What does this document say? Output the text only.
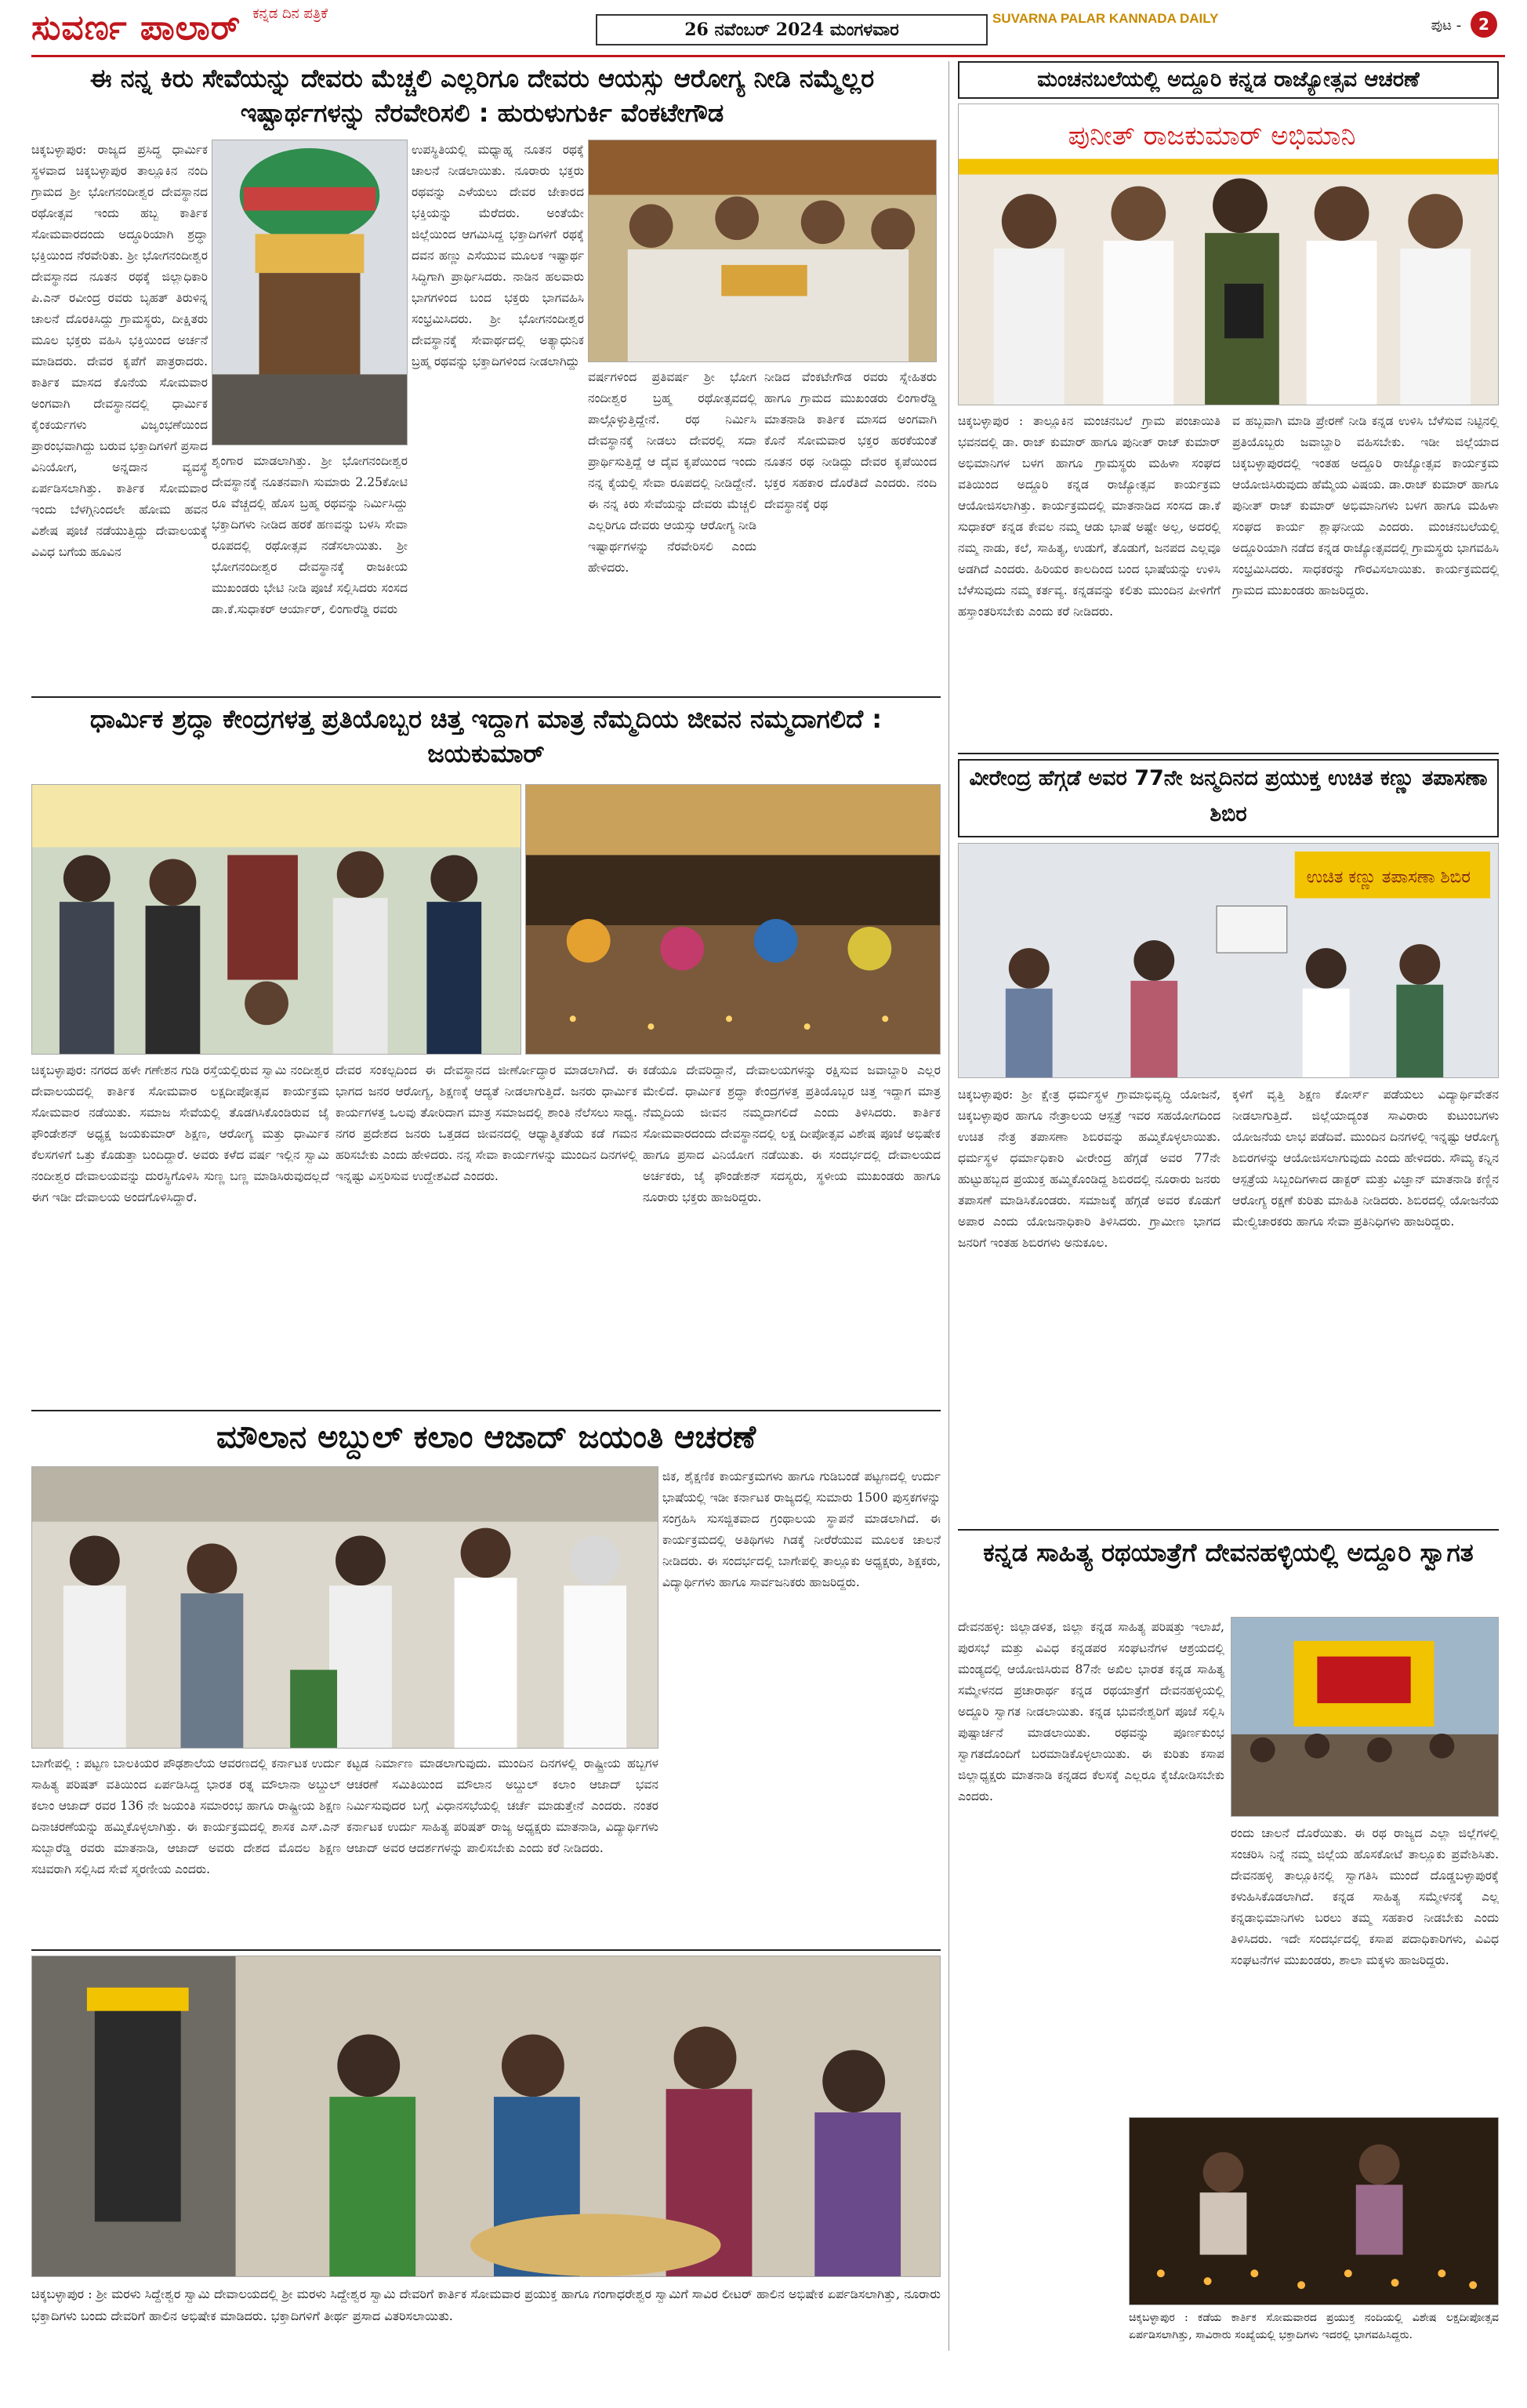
ಸುವರ್ಣ ಪಾಲಾರ್ ಕನ್ನಡ ದಿನ ಪತ್ರಿಕೆ
26 ನವೆಂಬರ್ 2024 ಮಂಗಳವಾರ
SUVARNA PALAR KANNADA DAILY	ಪುಟ - 2
ಈ ನನ್ನ ಕಿರು ಸೇವೆಯನ್ನು ದೇವರು ಮೆಚ್ಚಲಿ ಎಲ್ಲರಿಗೂ ದೇವರು ಆಯಸ್ಸು ಆರೋಗ್ಯ ನೀಡಿ ನಮ್ಮೆಲ್ಲರ ಇಷ್ಟಾರ್ಥಗಳನ್ನು ನೆರವೇರಿಸಲಿ : ಹುರುಳುಗುರ್ಕಿ ವೆಂಕಟೇಗೌಡ
ಚಿಕ್ಕಬಳ್ಳಾಪುರ: ರಾಜ್ಯದ ಪ್ರಸಿದ್ಧ ಧಾರ್ಮಿಕ ಸ್ಥಳವಾದ ಚಿಕ್ಕಬಳ್ಳಾಪುರ ತಾಲ್ಲೂಕಿನ ನಂದಿ ಗ್ರಾಮದ ಶ್ರೀ ಭೋಗನಂದೀಶ್ವರ ದೇವಸ್ಥಾನದ ರಥೋತ್ಸವ ಇಂದು ಹಬ್ಬ ಕಾರ್ತಿಕ ಸೋಮವಾರದಂದು ಅದ್ಧೂರಿಯಾಗಿ ಶ್ರದ್ಧಾ ಭಕ್ತಿಯಿಂದ ನೆರವೇರಿತು. ಶ್ರೀ ಭೋಗನಂದೀಶ್ವರ ದೇವಸ್ಥಾನದ ನೂತನ ರಥಕ್ಕೆ ಜಿಲ್ಲಾಧಿಕಾರಿ ಪಿ.ಎನ್ ರವೀಂದ್ರ ರವರು ಬೃಹತ್ ತಿರುಳಿನ್ನ ಚಾಲನೆ ದೊರಕಿಸಿದ್ದು ಗ್ರಾಮಸ್ಥರು, ದೀಕ್ಷಿತರು ಮೂಲ ಭಕ್ತರು ವಹಿಸಿ ಭಕ್ತಿಯಿಂದ ಅರ್ಚನೆ ಮಾಡಿದರು. ದೇವರ ಕೃಪೆಗೆ ಪಾತ್ರರಾದರು. ಕಾರ್ತಿಕ ಮಾಸದ ಕೊನೆಯ ಸೋಮವಾರ ಅಂಗವಾಗಿ ದೇವಸ್ಥಾನದಲ್ಲಿ ಧಾರ್ಮಿಕ ಕೈಂಕರ್ಯಗಳು ವಿಜೃಂಭಣೆಯಿಂದ ಪ್ರಾರಂಭವಾಗಿದ್ದು ಬರುವ ಭಕ್ತಾದಿಗಳಿಗೆ ಪ್ರಸಾದ ವಿನಿಯೋಗ, ಅನ್ನದಾನ ವ್ಯವಸ್ಥೆ ಏರ್ಪಡಿಸಲಾಗಿತ್ತು. ಕಾರ್ತಿಕ ಸೋಮವಾರ ಇಂದು ಬೆಳಗ್ಗಿನಿಂದಲೇ ಹೋಮ ಹವನ ವಿಶೇಷ ಪೂಜೆ ನಡೆಯುತ್ತಿದ್ದು ದೇವಾಲಯಕ್ಕೆ ವಿವಿಧ ಬಗೆಯ ಹೂವಿನ
ಶೃಂಗಾರ ಮಾಡಲಾಗಿತ್ತು. ಶ್ರೀ ಭೋಗನಂದೀಶ್ವರ ದೇವಸ್ಥಾನಕ್ಕೆ ನೂತನವಾಗಿ ಸುಮಾರು 2.25ಕೋಟಿ ರೂ ವೆಚ್ಚದಲ್ಲಿ ಹೊಸ ಬ್ರಹ್ಮ ರಥವನ್ನು ನಿರ್ಮಿಸಿದ್ದು ಭಕ್ತಾದಿಗಳು ನೀಡಿದ ಹರಕೆ ಹಣವನ್ನು ಬಳಸಿ ಸೇವಾ ರೂಪದಲ್ಲಿ ರಥೋತ್ಸವ ನಡೆಸಲಾಯಿತು. ಶ್ರೀ ಭೋಗನಂದೀಶ್ವರ ದೇವಸ್ಥಾನಕ್ಕೆ ರಾಜಕೀಯ ಮುಖಂಡರು ಭೇಟಿ ನೀಡಿ ಪೂಜೆ ಸಲ್ಲಿಸಿದರು ಸಂಸದ ಡಾ.ಕೆ.ಸುಧಾಕರ್ ಆರ್ಯಾರ್, ಲಿಂಗಾರೆಡ್ಡಿ ರವರು
ಉಪಸ್ಥಿತಿಯಲ್ಲಿ ಮಧ್ಯಾಹ್ನ ನೂತನ ರಥಕ್ಕೆ ಚಾಲನೆ ನೀಡಲಾಯಿತು. ನೂರಾರು ಭಕ್ತರು ರಥವನ್ನು ಎಳೆಯಲು ದೇವರ ಜೇಕಾರದ ಭಕ್ತಿಯನ್ನು ಮೆರೆದರು. ಅಂತೆಯೇ ಜಿಲ್ಲೆಯಿಂದ ಆಗಮಿಸಿದ್ದ ಭಕ್ತಾದಿಗಳಿಗೆ ರಥಕ್ಕೆ ದವನ ಹಣ್ಣು ಎಸೆಯುವ ಮೂಲಕ ಇಷ್ಟಾರ್ಥ ಸಿದ್ಧಿಗಾಗಿ ಪ್ರಾರ್ಥಿಸಿದರು. ನಾಡಿನ ಹಲವಾರು ಭಾಗಗಳಿಂದ ಬಂದ ಭಕ್ತರು ಭಾಗವಹಿಸಿ ಸಂಭ್ರಮಿಸಿದರು. ಶ್ರೀ ಭೋಗನಂದೀಶ್ವರ ದೇವಸ್ಥಾನಕ್ಕೆ ಸೇವಾರ್ಥದಲ್ಲಿ ಅತ್ಯಾಧುನಿಕ ಬ್ರಹ್ಮ ರಥವನ್ನು ಭಕ್ತಾದಿಗಳಿಂದ ನೀಡಲಾಗಿದ್ದು
ವರ್ಷಗಳಿಂದ ಪ್ರತಿವರ್ಷ ಶ್ರೀ ಭೋಗ ನಂದೀಶ್ವರ ಬ್ರಹ್ಮ ರಥೋತ್ಸವದಲ್ಲಿ ಪಾಲ್ಗೊಳ್ಳುತ್ತಿದ್ದೇನೆ. ರಥ ನಿರ್ಮಿಸಿ ದೇವಸ್ಥಾನಕ್ಕೆ ನೀಡಲು ದೇವರಲ್ಲಿ ಸದಾ ಪ್ರಾರ್ಥಿಸುತ್ತಿದ್ದೆ ಆ ದೈವ ಕೃಪೆಯಿಂದ ಇಂದು ನನ್ನ ಕೈಯಲ್ಲಿ ಸೇವಾ ರೂಪದಲ್ಲಿ ನೀಡಿದ್ದೇನೆ. ಈ ನನ್ನ ಕಿರು ಸೇವೆಯನ್ನು ದೇವರು ಮೆಚ್ಚಲಿ ಎಲ್ಲರಿಗೂ ದೇವರು ಆಯಸ್ಸು ಆರೋಗ್ಯ ನೀಡಿ ಇಷ್ಟಾರ್ಥಗಳನ್ನು ನೆರವೇರಿಸಲಿ ಎಂದು ಹೇಳಿದರು.
ನೀಡಿದ ವೆಂಕಟೇಗೌಡ ರವರು ಸ್ನೇಹಿತರು ಹಾಗೂ ಗ್ರಾಮದ ಮುಖಂಡರು ಲಿಂಗಾರೆಡ್ಡಿ ಮಾತನಾಡಿ ಕಾರ್ತಿಕ ಮಾಸದ ಅಂಗವಾಗಿ ಕೊನೆ ಸೋಮವಾರ ಭಕ್ತರ ಹರಕೆಯಂತೆ ನೂತನ ರಥ ನೀಡಿದ್ದು ದೇವರ ಕೃಪೆಯಿಂದ ಭಕ್ತರ ಸಹಕಾರ ದೊರೆತಿದೆ ಎಂದರು. ನಂದಿ ದೇವಸ್ಥಾನಕ್ಕೆ ರಥ
ಮಂಚನಬಲೆಯಲ್ಲಿ ಅದ್ದೂರಿ ಕನ್ನಡ ರಾಜ್ಯೋತ್ಸವ ಆಚರಣೆ
ಪುನೀತ್ ರಾಜಕುಮಾರ್ ಅಭಿಮಾನಿ
ಚಿಕ್ಕಬಳ್ಳಾಪುರ : ತಾಲ್ಲೂಕಿನ ಮಂಚನಬಲೆ ಗ್ರಾಮ ಪಂಚಾಯಿತಿ ಭವನದಲ್ಲಿ ಡಾ. ರಾಜ್ ಕುಮಾರ್ ಹಾಗೂ ಪುನೀತ್ ರಾಜ್ ಕುಮಾರ್ ಅಭಿಮಾನಿಗಳ ಬಳಗ ಹಾಗೂ ಗ್ರಾಮಸ್ಥರು ಮಹಿಳಾ ಸಂಘದ ವತಿಯಿಂದ ಅದ್ದೂರಿ ಕನ್ನಡ ರಾಜ್ಯೋತ್ಸವ ಕಾರ್ಯಕ್ರಮ ಆಯೋಜಿಸಲಾಗಿತ್ತು. ಕಾರ್ಯಕ್ರಮದಲ್ಲಿ ಮಾತನಾಡಿದ ಸಂಸದ ಡಾ.ಕೆ ಸುಧಾಕರ್ ಕನ್ನಡ ಕೇವಲ ನಮ್ಮ ಆಡು ಭಾಷೆ ಅಷ್ಟೇ ಅಲ್ಲ, ಅದರಲ್ಲಿ ನಮ್ಮ ನಾಡು, ಕಲೆ, ಸಾಹಿತ್ಯ, ಉಡುಗೆ, ತೊಡುಗೆ, ಜನಪದ ಎಲ್ಲವೂ ಅಡಗಿದೆ ಎಂದರು. ಹಿರಿಯರ ಕಾಲದಿಂದ ಬಂದ ಭಾಷೆಯನ್ನು ಉಳಿಸಿ ಬೆಳೆಸುವುದು ನಮ್ಮ ಕರ್ತವ್ಯ. ಕನ್ನಡವನ್ನು ಕಲಿತು ಮುಂದಿನ ಪೀಳಿಗೆಗೆ ಹಸ್ತಾಂತರಿಸಬೇಕು ಎಂದು ಕರೆ ನೀಡಿದರು.
ವ ಹಬ್ಬವಾಗಿ ಮಾಡಿ ಪ್ರೇರಣೆ ನೀಡಿ ಕನ್ನಡ ಉಳಿಸಿ ಬೆಳೆಸುವ ನಿಟ್ಟಿನಲ್ಲಿ ಪ್ರತಿಯೊಬ್ಬರು ಜವಾಬ್ದಾರಿ ವಹಿಸಬೇಕು. ಇಡೀ ಜಿಲ್ಲೆಯಾದ ಚಿಕ್ಕಬಳ್ಳಾಪುರದಲ್ಲಿ ಇಂತಹ ಅದ್ದೂರಿ ರಾಜ್ಯೋತ್ಸವ ಕಾರ್ಯಕ್ರಮ ಆಯೋಜಿಸಿರುವುದು ಹೆಮ್ಮೆಯ ವಿಷಯ. ಡಾ.ರಾಜ್ ಕುಮಾರ್ ಹಾಗೂ ಪುನೀತ್ ರಾಜ್ ಕುಮಾರ್ ಅಭಿಮಾನಿಗಳು ಬಳಗ ಹಾಗೂ ಮಹಿಳಾ ಸಂಘದ ಕಾರ್ಯ ಶ್ಲಾಘನೀಯ ಎಂದರು. ಮಂಚನಬಲೆಯಲ್ಲಿ ಅದ್ದೂರಿಯಾಗಿ ನಡೆದ ಕನ್ನಡ ರಾಜ್ಯೋತ್ಸವದಲ್ಲಿ ಗ್ರಾಮಸ್ಥರು ಭಾಗವಹಿಸಿ ಸಂಭ್ರಮಿಸಿದರು. ಸಾಧಕರನ್ನು ಗೌರವಿಸಲಾಯಿತು. ಕಾರ್ಯಕ್ರಮದಲ್ಲಿ ಗ್ರಾಮದ ಮುಖಂಡರು ಹಾಜರಿದ್ದರು.
ಧಾರ್ಮಿಕ ಶ್ರದ್ಧಾ ಕೇಂದ್ರಗಳತ್ತ ಪ್ರತಿಯೊಬ್ಬರ ಚಿತ್ತ ಇದ್ದಾಗ ಮಾತ್ರ ನೆಮ್ಮದಿಯ ಜೀವನ ನಮ್ಮದಾಗಲಿದೆ : ಜಯಕುಮಾರ್
ಚಿಕ್ಕಬಳ್ಳಾಪುರ: ನಗರದ ಹಳೇ ಗಣೇಶನ ಗುಡಿ ರಸ್ತೆಯಲ್ಲಿರುವ ಸ್ವಾಮಿ ನಂದೀಶ್ವರ ದೇವಾಲಯದಲ್ಲಿ ಕಾರ್ತಿಕ ಸೋಮವಾರ ಲಕ್ಷದೀಪೋತ್ಸವ ಕಾರ್ಯಕ್ರಮ ಸೋಮವಾರ ನಡೆಯಿತು. ಸಮಾಜ ಸೇವೆಯಲ್ಲಿ ತೊಡಗಿಸಿಕೊಂಡಿರುವ ಜೈ ಫೌಂಡೇಶನ್ ಅಧ್ಯಕ್ಷ ಜಯಕುಮಾರ್ ಶಿಕ್ಷಣ, ಆರೋಗ್ಯ ಮತ್ತು ಧಾರ್ಮಿಕ ಕೆಲಸಗಳಿಗೆ ಒತ್ತು ಕೊಡುತ್ತಾ ಬಂದಿದ್ದಾರೆ. ಅವರು ಕಳೆದ ವರ್ಷ ಇಲ್ಲಿನ ಸ್ವಾಮಿ ನಂದೀಶ್ವರ ದೇವಾಲಯವನ್ನು ದುರಸ್ಥಿಗೊಳಿಸಿ ಸುಣ್ಣ ಬಣ್ಣ ಮಾಡಿಸಿರುವುದಲ್ಲದೆ ಈಗ ಇಡೀ ದೇವಾಲಯ ಅಂದಗೊಳಿಸಿದ್ದಾರೆ.
ದೇವರ ಸಂಕಲ್ಪದಿಂದ ಈ ದೇವಸ್ಥಾನದ ಜೀರ್ಣೋದ್ಧಾರ ಮಾಡಲಾಗಿದೆ. ಈ ಭಾಗದ ಜನರ ಆರೋಗ್ಯ, ಶಿಕ್ಷಣಕ್ಕೆ ಆದ್ಯತೆ ನೀಡಲಾಗುತ್ತಿದೆ. ಜನರು ಧಾರ್ಮಿಕ ಕಾರ್ಯಗಳತ್ತ ಒಲವು ತೋರಿದಾಗ ಮಾತ್ರ ಸಮಾಜದಲ್ಲಿ ಶಾಂತಿ ನೆಲೆಸಲು ಸಾಧ್ಯ. ನಗರ ಪ್ರದೇಶದ ಜನರು ಒತ್ತಡದ ಜೀವನದಲ್ಲಿ ಆಧ್ಯಾತ್ಮಿಕತೆಯ ಕಡೆ ಗಮನ ಹರಿಸಬೇಕು ಎಂದು ಹೇಳಿದರು. ನನ್ನ ಸೇವಾ ಕಾರ್ಯಗಳನ್ನು ಮುಂದಿನ ದಿನಗಳಲ್ಲಿ ಇನ್ನಷ್ಟು ವಿಸ್ತರಿಸುವ ಉದ್ದೇಶವಿದೆ ಎಂದರು.
ಕಡೆಯೂ ದೇವರಿದ್ದಾನೆ, ದೇವಾಲಯಗಳನ್ನು ರಕ್ಷಿಸುವ ಜವಾಬ್ದಾರಿ ಎಲ್ಲರ ಮೇಲಿದೆ. ಧಾರ್ಮಿಕ ಶ್ರದ್ಧಾ ಕೇಂದ್ರಗಳತ್ತ ಪ್ರತಿಯೊಬ್ಬರ ಚಿತ್ತ ಇದ್ದಾಗ ಮಾತ್ರ ನೆಮ್ಮದಿಯ ಜೀವನ ನಮ್ಮದಾಗಲಿದೆ ಎಂದು ತಿಳಿಸಿದರು. ಕಾರ್ತಿಕ ಸೋಮವಾರದಂದು ದೇವಸ್ಥಾನದಲ್ಲಿ ಲಕ್ಷ ದೀಪೋತ್ಸವ ವಿಶೇಷ ಪೂಜೆ ಅಭಿಷೇಕ ಹಾಗೂ ಪ್ರಸಾದ ವಿನಿಯೋಗ ನಡೆಯಿತು. ಈ ಸಂದರ್ಭದಲ್ಲಿ ದೇವಾಲಯದ ಅರ್ಚಕರು, ಜೈ ಫೌಂಡೇಶನ್ ಸದಸ್ಯರು, ಸ್ಥಳೀಯ ಮುಖಂಡರು ಹಾಗೂ ನೂರಾರು ಭಕ್ತರು ಹಾಜರಿದ್ದರು.
ವೀರೇಂದ್ರ ಹೆಗ್ಗಡೆ ಅವರ 77ನೇ ಜನ್ಮದಿನದ ಪ್ರಯುಕ್ತ ಉಚಿತ ಕಣ್ಣು ತಪಾಸಣಾ ಶಿಬಿರ
ಉಚಿತ ಕಣ್ಣು ತಪಾಸಣಾ ಶಿಬಿರ
ಚಿಕ್ಕಬಳ್ಳಾಪುರ: ಶ್ರೀ ಕ್ಷೇತ್ರ ಧರ್ಮಸ್ಥಳ ಗ್ರಾಮಾಭಿವೃದ್ಧಿ ಯೋಜನೆ, ಚಿಕ್ಕಬಳ್ಳಾಪುರ ಹಾಗೂ ನೇತ್ರಾಲಯ ಆಸ್ಪತ್ರೆ ಇವರ ಸಹಯೋಗದಿಂದ ಉಚಿತ ನೇತ್ರ ತಪಾಸಣಾ ಶಿಬಿರವನ್ನು ಹಮ್ಮಿಕೊಳ್ಳಲಾಯಿತು. ಧರ್ಮಸ್ಥಳ ಧರ್ಮಾಧಿಕಾರಿ ವೀರೇಂದ್ರ ಹೆಗ್ಗಡೆ ಅವರ 77ನೇ ಹುಟ್ಟುಹಬ್ಬದ ಪ್ರಯುಕ್ತ ಹಮ್ಮಿಕೊಂಡಿದ್ದ ಶಿಬಿರದಲ್ಲಿ ನೂರಾರು ಜನರು ತಪಾಸಣೆ ಮಾಡಿಸಿಕೊಂಡರು. ಸಮಾಜಕ್ಕೆ ಹೆಗ್ಗಡೆ ಅವರ ಕೊಡುಗೆ ಅಪಾರ ಎಂದು ಯೋಜನಾಧಿಕಾರಿ ತಿಳಿಸಿದರು. ಗ್ರಾಮೀಣ ಭಾಗದ ಜನರಿಗೆ ಇಂತಹ ಶಿಬಿರಗಳು ಅನುಕೂಲ.
ಕ್ಕಳಿಗೆ ವೃತ್ತಿ ಶಿಕ್ಷಣ ಕೋರ್ಸ್ ಪಡೆಯಲು ವಿದ್ಯಾರ್ಥಿವೇತನ ನೀಡಲಾಗುತ್ತಿದೆ. ಜಿಲ್ಲೆಯಾದ್ಯಂತ ಸಾವಿರಾರು ಕುಟುಂಬಗಳು ಯೋಜನೆಯ ಲಾಭ ಪಡೆದಿವೆ. ಮುಂದಿನ ದಿನಗಳಲ್ಲಿ ಇನ್ನಷ್ಟು ಆರೋಗ್ಯ ಶಿಬಿರಗಳನ್ನು ಆಯೋಜಿಸಲಾಗುವುದು ಎಂದು ಹೇಳಿದರು. ಸೌಮ್ಯ ಕನ್ನಿನ ಆಸ್ಪತ್ರೆಯ ಸಿಬ್ಬಂದಿಗಳಾದ ಡಾಕ್ಟರ್ ಮತ್ತು ವಿಜ್ಞಾನ್ ಮಾತನಾಡಿ ಕಣ್ಣಿನ ಆರೋಗ್ಯ ರಕ್ಷಣೆ ಕುರಿತು ಮಾಹಿತಿ ನೀಡಿದರು. ಶಿಬಿರದಲ್ಲಿ ಯೋಜನೆಯ ಮೇಲ್ವಿಚಾರಕರು ಹಾಗೂ ಸೇವಾ ಪ್ರತಿನಿಧಿಗಳು ಹಾಜರಿದ್ದರು.
ಮೌಲಾನ ಅಬ್ದುಲ್ ಕಲಾಂ ಆಜಾದ್ ಜಯಂತಿ ಆಚರಣೆ
ಜಿಕ, ಶೈಕ್ಷಣಿಕ ಕಾರ್ಯಕ್ರಮಗಳು ಹಾಗೂ ಗುಡಿಬಂಡೆ ಪಟ್ಟಣದಲ್ಲಿ ಉರ್ದು ಭಾಷೆಯಲ್ಲಿ ಇಡೀ ಕರ್ನಾಟಕ ರಾಜ್ಯದಲ್ಲಿ ಸುಮಾರು 1500 ಪುಸ್ತಕಗಳನ್ನು ಸಂಗ್ರಹಿಸಿ ಸುಸಜ್ಜಿತವಾದ ಗ್ರಂಥಾಲಯ ಸ್ಥಾಪನೆ ಮಾಡಲಾಗಿದೆ. ಈ ಕಾರ್ಯಕ್ರಮದಲ್ಲಿ ಅತಿಥಿಗಳು ಗಿಡಕ್ಕೆ ನೀರೆರೆಯುವ ಮೂಲಕ ಚಾಲನೆ ನೀಡಿದರು. ಈ ಸಂದರ್ಭದಲ್ಲಿ ಬಾಗೇಪಲ್ಲಿ ತಾಲ್ಲೂಕು ಅಧ್ಯಕ್ಷರು, ಶಿಕ್ಷಕರು, ವಿದ್ಯಾರ್ಥಿಗಳು ಹಾಗೂ ಸಾರ್ವಜನಿಕರು ಹಾಜರಿದ್ದರು.
ಬಾಗೇಪಲ್ಲಿ : ಪಟ್ಟಣ ಬಾಲಕಿಯರ ಪೌಢಶಾಲೆಯ ಆವರಣದಲ್ಲಿ ಕರ್ನಾಟಕ ಉರ್ದು ಸಾಹಿತ್ಯ ಪರಿಷತ್ ವತಿಯಿಂದ ಏರ್ಪಡಿಸಿದ್ದ ಭಾರತ ರತ್ನ ಮೌಲಾನಾ ಅಬ್ದುಲ್ ಕಲಾಂ ಆಜಾದ್ ರವರ 136 ನೇ ಜಯಂತಿ ಸಮಾರಂಭ ಹಾಗೂ ರಾಷ್ಟ್ರೀಯ ಶಿಕ್ಷಣ ದಿನಾಚರಣೆಯನ್ನು ಹಮ್ಮಿಕೊಳ್ಳಲಾಗಿತ್ತು. ಈ ಕಾರ್ಯಕ್ರಮದಲ್ಲಿ ಶಾಸಕ ಎಸ್.ಎನ್ ಸುಬ್ಬಾರೆಡ್ಡಿ ರವರು ಮಾತನಾಡಿ, ಆಜಾದ್ ಅವರು ದೇಶದ ಮೊದಲ ಶಿಕ್ಷಣ ಸಚಿವರಾಗಿ ಸಲ್ಲಿಸಿದ ಸೇವೆ ಸ್ಮರಣೀಯ ಎಂದರು.
ಕಟ್ಟಡ ನಿರ್ಮಾಣ ಮಾಡಲಾಗುವುದು. ಮುಂದಿನ ದಿನಗಳಲ್ಲಿ ರಾಷ್ಟ್ರೀಯ ಹಬ್ಬಗಳ ಆಚರಣೆ ಸಮಿತಿಯಿಂದ ಮೌಲಾನ ಅಬ್ದುಲ್ ಕಲಾಂ ಆಜಾದ್ ಭವನ ನಿರ್ಮಿಸುವುದರ ಬಗ್ಗೆ ವಿಧಾನಸಭೆಯಲ್ಲಿ ಚರ್ಚೆ ಮಾಡುತ್ತೇನೆ ಎಂದರು. ನಂತರ ಕರ್ನಾಟಕ ಉರ್ದು ಸಾಹಿತ್ಯ ಪರಿಷತ್ ರಾಜ್ಯ ಅಧ್ಯಕ್ಷರು ಮಾತನಾಡಿ, ವಿದ್ಯಾರ್ಥಿಗಳು ಆಜಾದ್ ಅವರ ಆದರ್ಶಗಳನ್ನು ಪಾಲಿಸಬೇಕು ಎಂದು ಕರೆ ನೀಡಿದರು.
ಕನ್ನಡ ಸಾಹಿತ್ಯ ರಥಯಾತ್ರೆಗೆ ದೇವನಹಳ್ಳಿಯಲ್ಲಿ ಅದ್ದೂರಿ ಸ್ವಾಗತ
ದೇವನಹಳ್ಳಿ: ಜಿಲ್ಲಾಡಳಿತ, ಜಿಲ್ಲಾ ಕನ್ನಡ ಸಾಹಿತ್ಯ ಪರಿಷತ್ತು ಇಲಾಖೆ, ಪುರಸಭೆ ಮತ್ತು ವಿವಿಧ ಕನ್ನಡಪರ ಸಂಘಟನೆಗಳ ಆಶ್ರಯದಲ್ಲಿ ಮಂಡ್ಯದಲ್ಲಿ ಆಯೋಜಿಸಿರುವ 87ನೇ ಅಖಿಲ ಭಾರತ ಕನ್ನಡ ಸಾಹಿತ್ಯ ಸಮ್ಮೇಳನದ ಪ್ರಚಾರಾರ್ಥ ಕನ್ನಡ ರಥಯಾತ್ರೆಗೆ ದೇವನಹಳ್ಳಿಯಲ್ಲಿ ಅದ್ದೂರಿ ಸ್ವಾಗತ ನೀಡಲಾಯಿತು. ಕನ್ನಡ ಭುವನೇಶ್ವರಿಗೆ ಪೂಜೆ ಸಲ್ಲಿಸಿ ಪುಷ್ಪಾರ್ಚನೆ ಮಾಡಲಾಯಿತು. ರಥವನ್ನು ಪೂರ್ಣಕುಂಭ ಸ್ವಾಗತದೊಂದಿಗೆ ಬರಮಾಡಿಕೊಳ್ಳಲಾಯಿತು. ಈ ಕುರಿತು ಕಸಾಪ ಜಿಲ್ಲಾಧ್ಯಕ್ಷರು ಮಾತನಾಡಿ ಕನ್ನಡದ ಕೆಲಸಕ್ಕೆ ಎಲ್ಲರೂ ಕೈಜೋಡಿಸಬೇಕು ಎಂದರು.
ರಂದು ಚಾಲನೆ ದೊರೆಯಿತು. ಈ ರಥ ರಾಜ್ಯದ ಎಲ್ಲಾ ಜಿಲ್ಲೆಗಳಲ್ಲಿ ಸಂಚರಿಸಿ ನಿನ್ನೆ ನಮ್ಮ ಜಿಲ್ಲೆಯ ಹೊಸಕೋಟೆ ತಾಲ್ಲೂಕು ಪ್ರವೇಶಿಸಿತು. ದೇವನಹಳ್ಳಿ ತಾಲ್ಲೂಕಿನಲ್ಲಿ ಸ್ವಾಗತಿಸಿ ಮುಂದೆ ದೊಡ್ಡಬಳ್ಳಾಪುರಕ್ಕೆ ಕಳುಹಿಸಿಕೊಡಲಾಗಿದೆ. ಕನ್ನಡ ಸಾಹಿತ್ಯ ಸಮ್ಮೇಳನಕ್ಕೆ ಎಲ್ಲ ಕನ್ನಡಾಭಿಮಾನಿಗಳು ಬರಲು ತಮ್ಮ ಸಹಕಾರ ನೀಡಬೇಕು ಎಂದು ತಿಳಿಸಿದರು. ಇದೇ ಸಂದರ್ಭದಲ್ಲಿ ಕಸಾಪ ಪದಾಧಿಕಾರಿಗಳು, ವಿವಿಧ ಸಂಘಟನೆಗಳ ಮುಖಂಡರು, ಶಾಲಾ ಮಕ್ಕಳು ಹಾಜರಿದ್ದರು.
ಚಿಕ್ಕಬಳ್ಳಾಪುರ : ಶ್ರೀ ಮರಳು ಸಿದ್ದೇಶ್ವರ ಸ್ವಾಮಿ ದೇವಾಲಯದಲ್ಲಿ ಶ್ರೀ ಮರಳು ಸಿದ್ದೇಶ್ವರ ಸ್ವಾಮಿ ದೇವರಿಗೆ ಕಾರ್ತಿಕ ಸೋಮವಾರ ಪ್ರಯುಕ್ತ ಹಾಗೂ ಗಂಗಾಧರೇಶ್ವರ ಸ್ವಾಮಿಗೆ ಸಾವಿರ ಲೀಟರ್ ಹಾಲಿನ ಅಭಿಷೇಕ ಏರ್ಪಡಿಸಲಾಗಿತ್ತು, ನೂರಾರು ಭಕ್ತಾದಿಗಳು ಬಂದು ದೇವರಿಗೆ ಹಾಲಿನ ಅಭಿಷೇಕ ಮಾಡಿದರು. ಭಕ್ತಾದಿಗಳಿಗೆ ತೀರ್ಥ ಪ್ರಸಾದ ವಿತರಿಸಲಾಯಿತು.	ಚಿಕ್ಕಬಳ್ಳಾಪುರ : ಕಡೆಯ ಕಾರ್ತಿಕ ಸೋಮವಾರದ ಪ್ರಯುಕ್ತ ನಂದಿಯಲ್ಲಿ ವಿಶೇಷ ಲಕ್ಷದೀಪೋತ್ಸವ ಏರ್ಪಡಿಸಲಾಗಿತ್ತು, ಸಾವಿರಾರು ಸಂಖ್ಯೆಯಲ್ಲಿ ಭಕ್ತಾದಿಗಳು ಇದರಲ್ಲಿ ಭಾಗವಹಿಸಿದ್ದರು.
